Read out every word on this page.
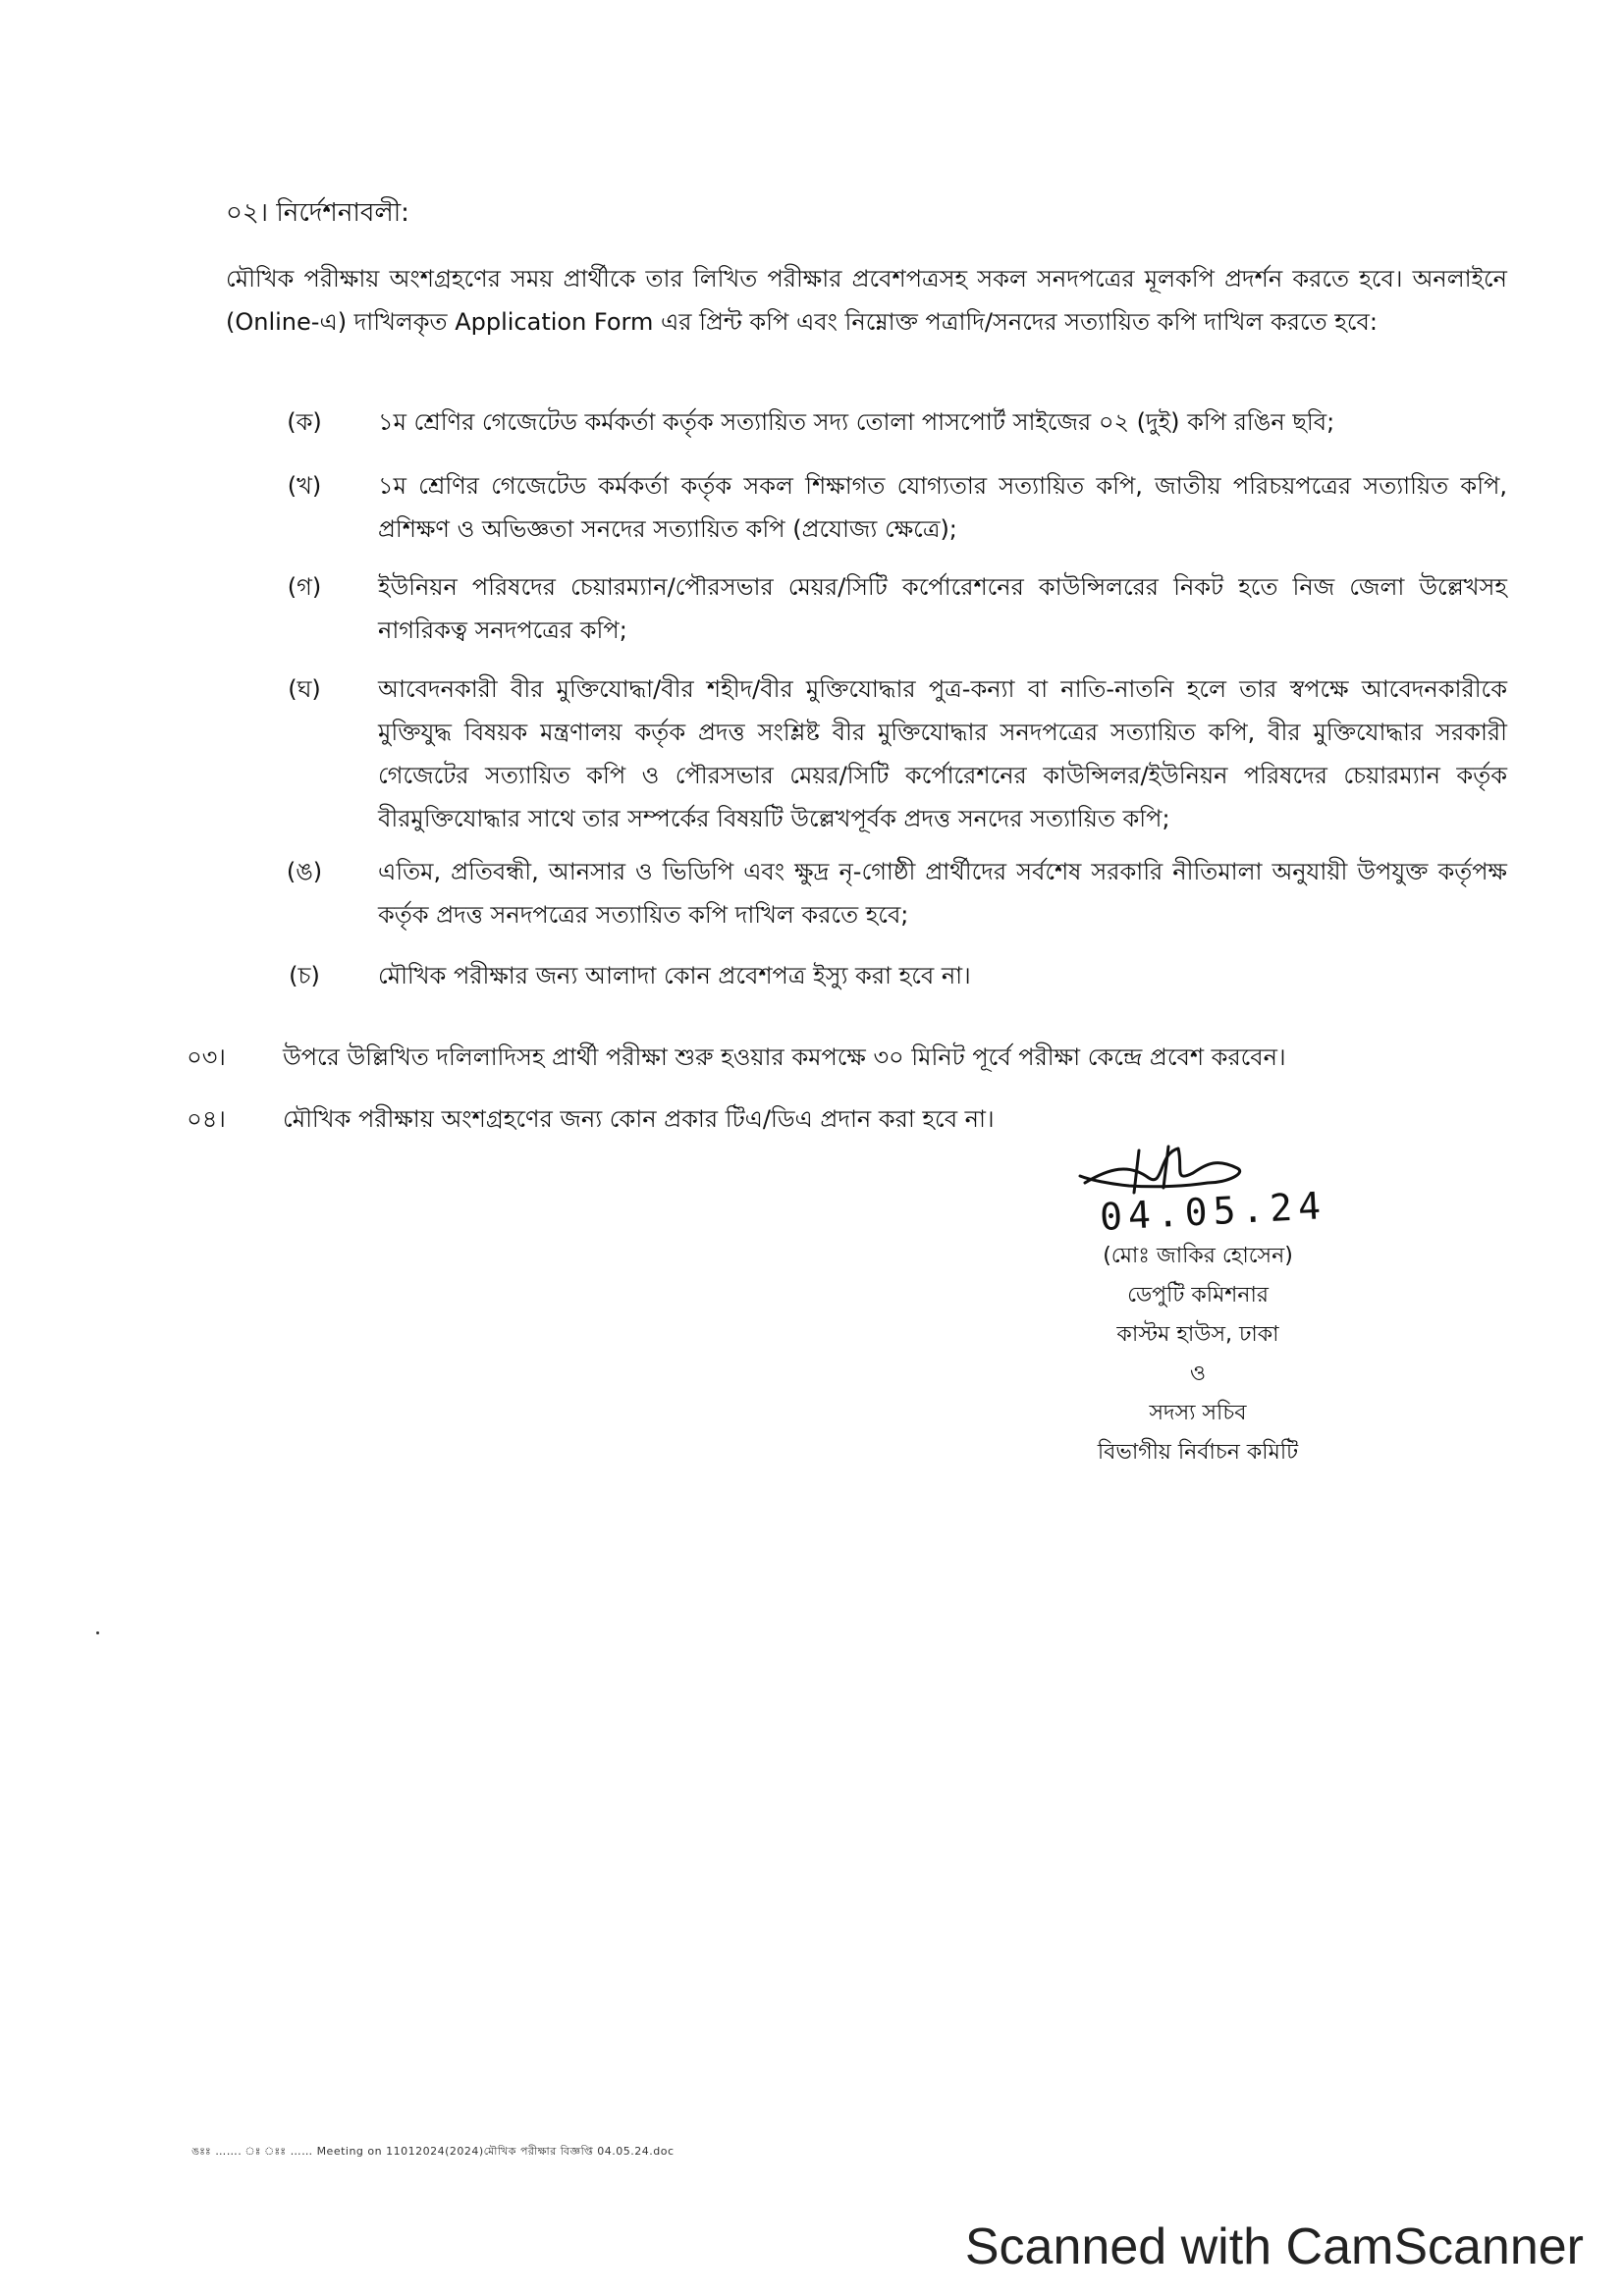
০২। নির্দেশনাবলী:
মৌখিক পরীক্ষায় অংশগ্রহণের সময় প্রার্থীকে তার লিখিত পরীক্ষার প্রবেশপত্রসহ সকল সনদপত্রের মূলকপি প্রদর্শন করতে হবে। অনলাইনে (Online-এ) দাখিলকৃত Application Form এর প্রিন্ট কপি এবং নিম্নোক্ত পত্রাদি/সনদের সত্যায়িত কপি দাখিল করতে হবে:
(ক)	১ম শ্রেণির গেজেটেড কর্মকর্তা কর্তৃক সত্যায়িত সদ্য তোলা পাসপোর্ট সাইজের ০২ (দুই) কপি রঙিন ছবি;
(খ)	১ম শ্রেণির গেজেটেড কর্মকর্তা কর্তৃক সকল শিক্ষাগত যোগ্যতার সত্যায়িত কপি, জাতীয় পরিচয়পত্রের সত্যায়িত কপি, প্রশিক্ষণ ও অভিজ্ঞতা সনদের সত্যায়িত কপি (প্রযোজ্য ক্ষেত্রে);
(গ)	ইউনিয়ন পরিষদের চেয়ারম্যান/পৌরসভার মেয়র/সিটি কর্পোরেশনের কাউন্সিলরের নিকট হতে নিজ জেলা উল্লেখসহ নাগরিকত্ব সনদপত্রের কপি;
(ঘ)	আবেদনকারী বীর মুক্তিযোদ্ধা/বীর শহীদ/বীর মুক্তিযোদ্ধার পুত্র-কন্যা বা নাতি-নাতনি হলে তার স্বপক্ষে আবেদনকারীকে মুক্তিযুদ্ধ বিষয়ক মন্ত্রণালয় কর্তৃক প্রদত্ত সংশ্লিষ্ট বীর মুক্তিযোদ্ধার সনদপত্রের সত্যায়িত কপি, বীর মুক্তিযোদ্ধার সরকারী গেজেটের সত্যায়িত কপি ও পৌরসভার মেয়র/সিটি কর্পোরেশনের কাউন্সিলর/ইউনিয়ন পরিষদের চেয়ারম্যান কর্তৃক বীরমুক্তিযোদ্ধার সাথে তার সম্পর্কের বিষয়টি উল্লেখপূর্বক প্রদত্ত সনদের সত্যায়িত কপি;
(ঙ)	এতিম, প্রতিবন্ধী, আনসার ও ভিডিপি এবং ক্ষুদ্র নৃ-গোষ্ঠী প্রার্থীদের সর্বশেষ সরকারি নীতিমালা অনুযায়ী উপযুক্ত কর্তৃপক্ষ কর্তৃক প্রদত্ত সনদপত্রের সত্যায়িত কপি দাখিল করতে হবে;
(চ)	মৌখিক পরীক্ষার জন্য আলাদা কোন প্রবেশপত্র ইস্যু করা হবে না।
০৩।	উপরে উল্লিখিত দলিলাদিসহ প্রার্থী পরীক্ষা শুরু হওয়ার কমপক্ষে ৩০ মিনিট পূর্বে পরীক্ষা কেন্দ্রে প্রবেশ করবেন।
০৪।	মৌখিক পরীক্ষায় অংশগ্রহণের জন্য কোন প্রকার টিএ/ডিএ প্রদান করা হবে না।
04.05.24
(মোঃ জাকির হোসেন)
ডেপুটি কমিশনার
কাস্টম হাউস, ঢাকা
ও
সদস্য সচিব
বিভাগীয় নির্বাচন কমিটি
ঙঃঃ ……. ঃ ঃঃ …… Meeting on 11012024(2024)মৌখিক পরীক্ষার বিজ্ঞপ্তি 04.05.24.doc
Scanned with CamScanner
